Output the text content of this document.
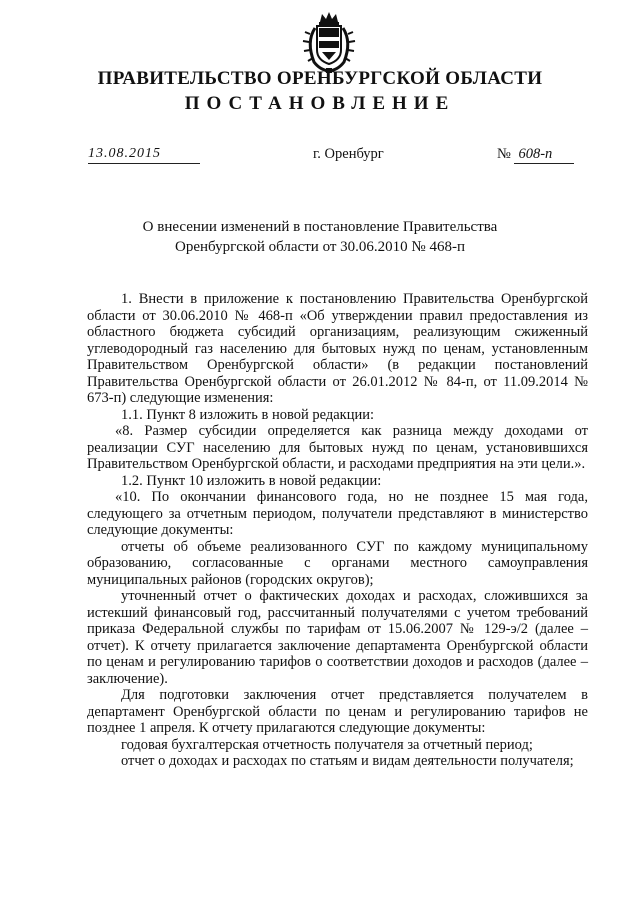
ПРАВИТЕЛЬСТВО ОРЕНБУРГСКОЙ ОБЛАСТИ
ПОСТАНОВЛЕНИЕ
13.08.2015	г. Оренбург	№ 608-п
О внесении изменений в постановление Правительства
Оренбургской области от 30.06.2010 № 468-п

1. Внести в приложение к постановлению Правительства Оренбургской области от 30.06.2010 № 468-п «Об утверждении правил предоставления из областного бюджета субсидий организациям, реализующим сжиженный углеводородный газ населению для бытовых нужд по ценам, установленным Правительством Оренбургской области» (в редакции постановлений Правительства Оренбургской области от 26.01.2012 № 84-п, от 11.09.2014 № 673-п) следующие изменения:

1.1. Пункт 8 изложить в новой редакции:

«8. Размер субсидии определяется как разница между доходами от реализации СУГ населению для бытовых нужд по ценам, установившихся Правительством Оренбургской области, и расходами предприятия на эти цели.».

1.2. Пункт 10 изложить в новой редакции:

«10. По окончании финансового года, но не позднее 15 мая года, следующего за отчетным периодом, получатели представляют в министерство следующие документы:

отчеты об объеме реализованного СУГ по каждому муниципальному образованию, согласованные с органами местного самоуправления муниципальных районов (городских округов);

уточненный отчет о фактических доходах и расходах, сложившихся за истекший финансовый год, рассчитанный получателями с учетом требований приказа Федеральной службы по тарифам от 15.06.2007 № 129-э/2 (далее – отчет). К отчету прилагается заключение департамента Оренбургской области по ценам и регулированию тарифов о соответствии доходов и расходов (далее – заключение).

Для подготовки заключения отчет представляется получателем в департамент Оренбургской области по ценам и регулированию тарифов не позднее 1 апреля. К отчету прилагаются следующие документы:

годовая бухгалтерская отчетность получателя за отчетный период;

отчет о доходах и расходах по статьям и видам деятельности получателя;
